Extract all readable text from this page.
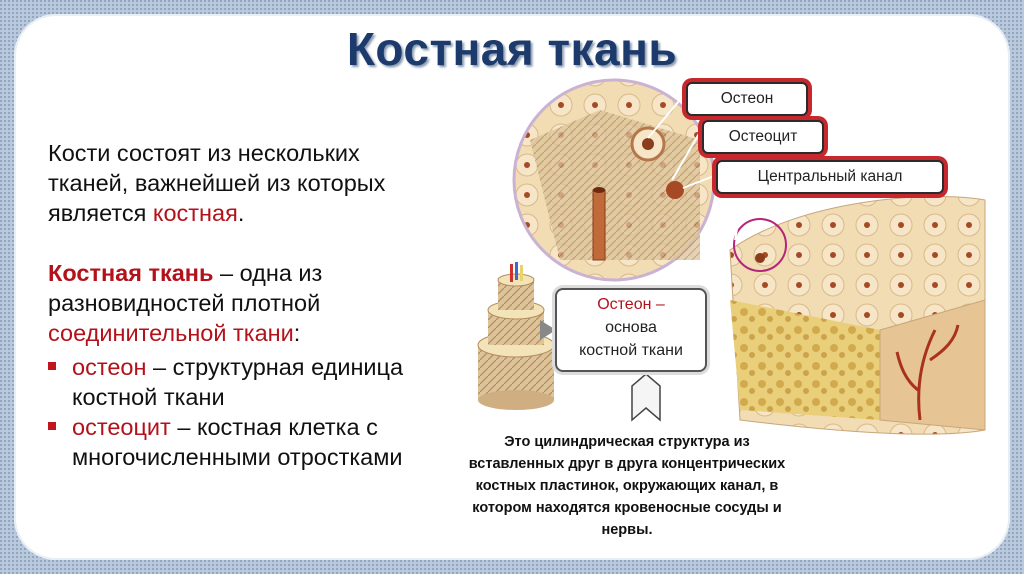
Костная ткань
Кости состоят из нескольких
тканей, важнейшей из которых
является костная.
Костная ткань – одна из
разновидностей плотной
соединительной ткани:
остеон – структурная единица
костной ткани
остеоцит – костная клетка с
многочисленными отростками
Остеон
Остеоцит
Центральный канал
Остеон –
основа
костной ткани
Это цилиндрическая структура из вставленных друг в друга концентрических костных пластинок, окружающих канал, в котором находятся кровеносные сосуды и нервы.
